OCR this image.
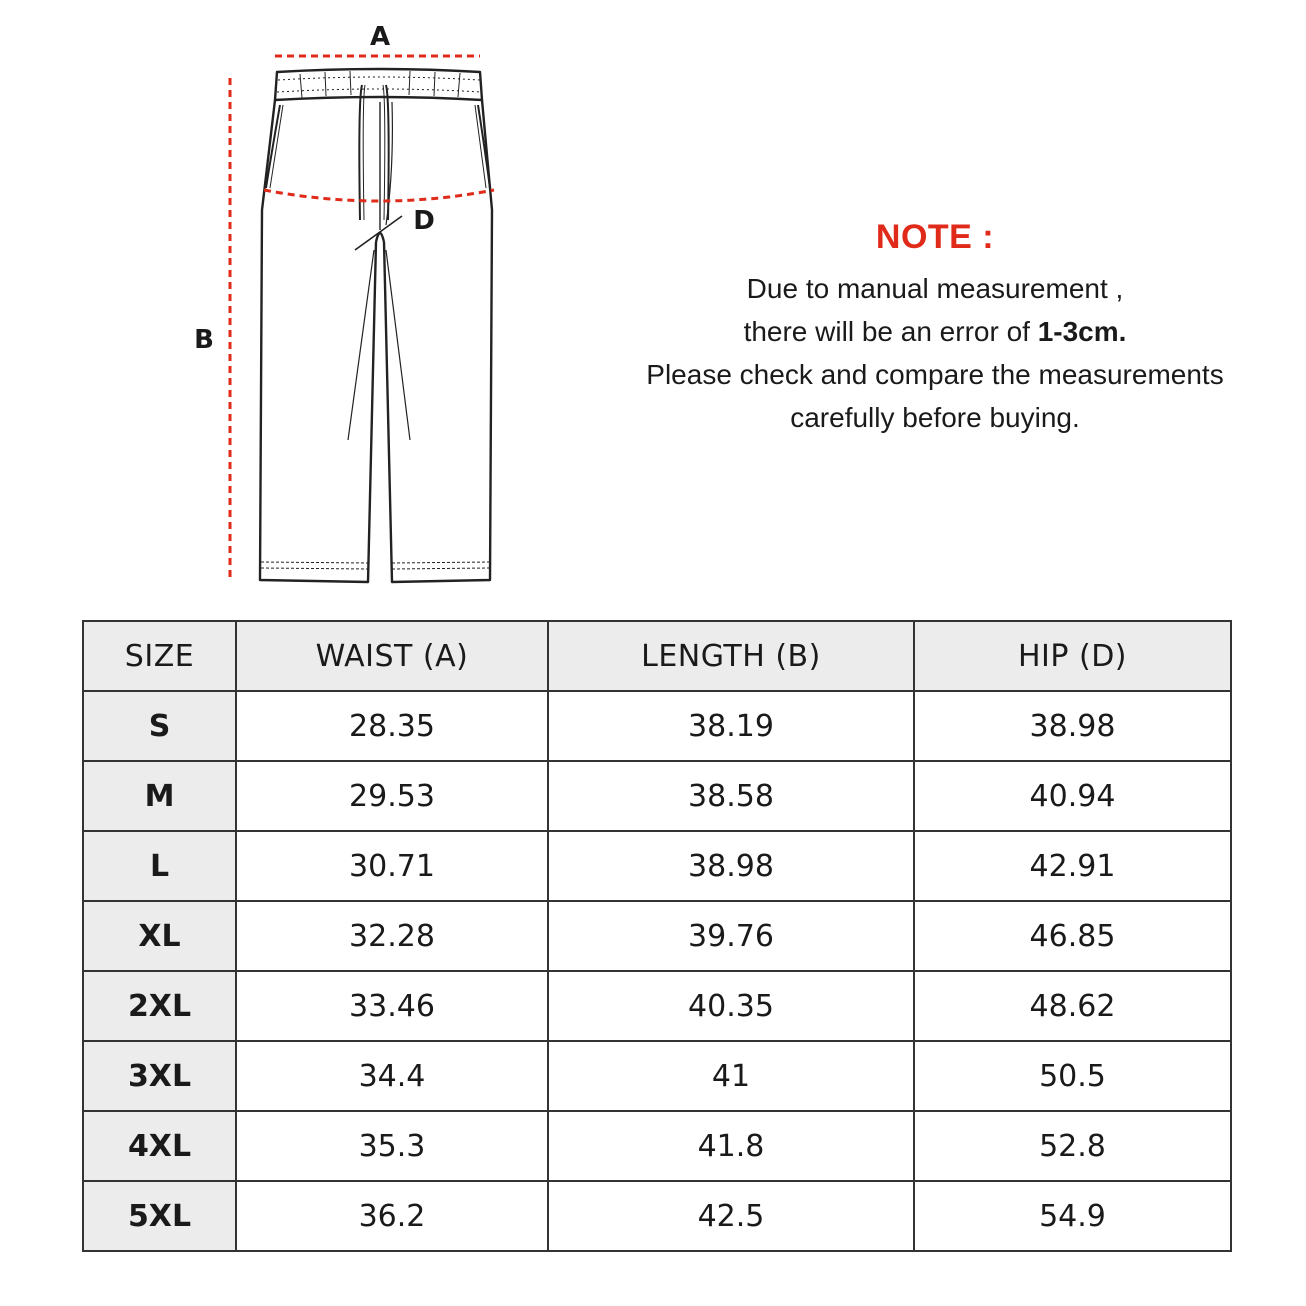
A
B
D	NOTE :
Due to manual measurement ,
there will be an error of 1-3cm.
Please check and compare the measurements
carefully before buying.
SIZE	WAIST (A)	LENGTH (B)	HIP (D)
S	28.35	38.19	38.98
M	29.53	38.58	40.94
L	30.71	38.98	42.91
XL	32.28	39.76	46.85
2XL	33.46	40.35	48.62
3XL	34.4	41	50.5
4XL	35.3	41.8	52.8
5XL	36.2	42.5	54.9
